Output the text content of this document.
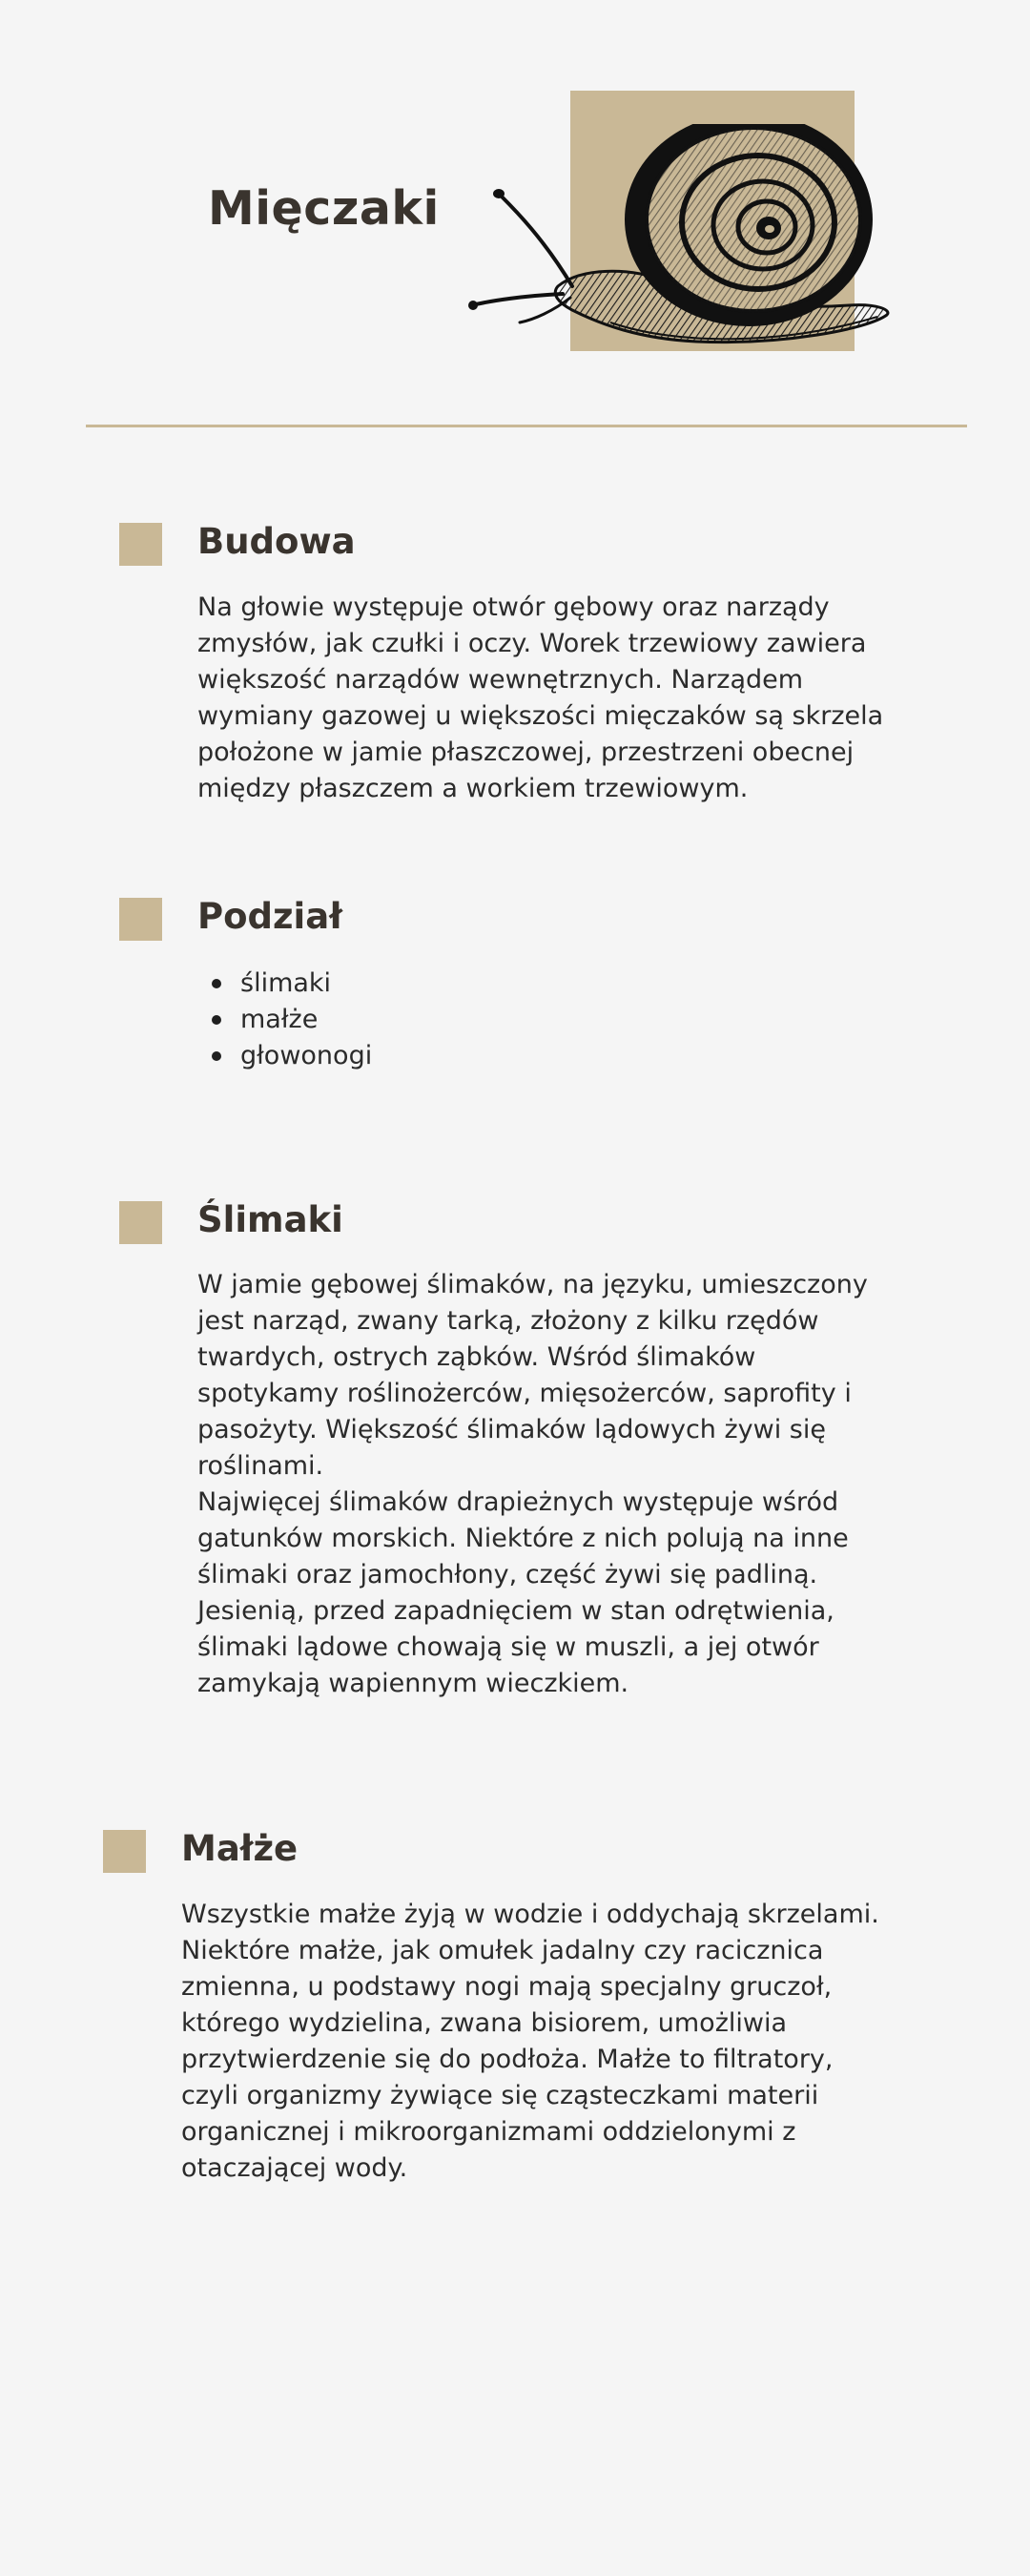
Mięczaki
Budowa

Na głowie występuje otwór gębowy oraz narządy zmysłów, jak czułki i oczy. Worek trzewiowy zawiera większość narządów wewnętrznych. Narządem wymiany gazowej u większości mięczaków są skrzela położone w jamie płaszczowej, przestrzeni obecnej między płaszczem a workiem trzewiowym.

Podział
ślimaki
małże
głowonogi
Ślimaki

W jamie gębowej ślimaków, na języku, umieszczony jest narząd, zwany tarką, złożony z kilku rzędów twardych, ostrych ząbków. Wśród ślimaków spotykamy roślinożerców, mięsożerców, saprofity i pasożyty. Większość ślimaków lądowych żywi się roślinami.

Najwięcej ślimaków drapieżnych występuje wśród gatunków morskich. Niektóre z nich polują na inne ślimaki oraz jamochłony, część żywi się padliną. Jesienią, przed zapadnięciem w stan odrętwienia, ślimaki lądowe chowają się w muszli, a jej otwór zamykają wapiennym wieczkiem.

Małże

Wszystkie małże żyją w wodzie i oddychają skrzelami. Niektóre małże, jak omułek jadalny czy racicznica zmienna, u podstawy nogi mają specjalny gruczoł, którego wydzielina, zwana bisiorem, umożliwia przytwierdzenie się do podłoża. Małże to filtratory, czyli organizmy żywiące się cząsteczkami materii organicznej i mikroorganizmami oddzielonymi z otaczającej wody.
